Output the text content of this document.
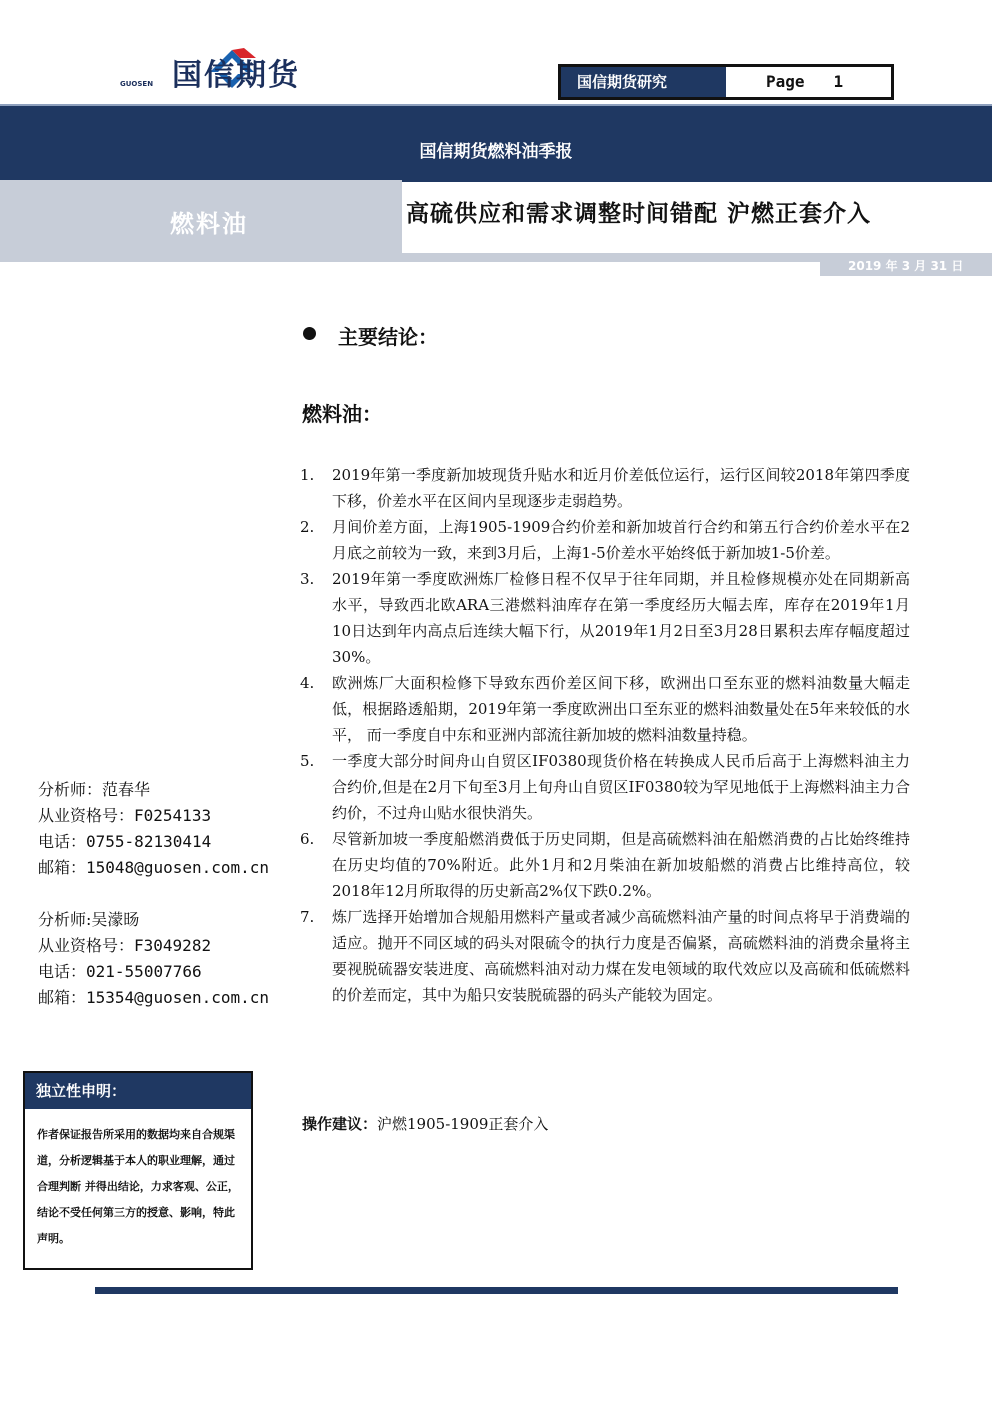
国信期货
GUOSEN	国信期货研究	Page 1
国信期货燃料油季报
燃料油	高硫供应和需求调整时间错配 沪燃正套介入
2019 年 3 月 31 日
主要结论：
燃料油：
1.	2019年第一季度新加坡现货升贴水和近月价差低位运行，运行区间较2018年第四季度下移，价差水平在区间内呈现逐步走弱趋势。
2.	月间价差方面，上海1905-1909合约价差和新加坡首行合约和第五行合约价差水平在2月底之前较为一致，来到3月后，上海1-5价差水平始终低于新加坡1-5价差。
3.	2019年第一季度欧洲炼厂检修日程不仅早于往年同期，并且检修规模亦处在同期新高水平，导致西北欧ARA三港燃料油库存在第一季度经历大幅去库，库存在2019年1月10日达到年内高点后连续大幅下行，从2019年1月2日至3月28日累积去库存幅度超过30%。
4.	欧洲炼厂大面积检修下导致东西价差区间下移，欧洲出口至东亚的燃料油数量大幅走低，根据路透船期，2019年第一季度欧洲出口至东亚的燃料油数量处在5年来较低的水平， 而一季度自中东和亚洲内部流往新加坡的燃料油数量持稳。
5.	一季度大部分时间舟山自贸区IF0380现货价格在转换成人民币后高于上海燃料油主力合约价,但是在2月下旬至3月上旬舟山自贸区IF0380较为罕见地低于上海燃料油主力合约价，不过舟山贴水很快消失。
6.	尽管新加坡一季度船燃消费低于历史同期，但是高硫燃料油在船燃消费的占比始终维持在历史均值的70%附近。此外1月和2月柴油在新加坡船燃的消费占比维持高位，较2018年12月所取得的历史新高2%仅下跌0.2%。
7.	炼厂选择开始增加合规船用燃料产量或者减少高硫燃料油产量的时间点将早于消费端的适应。抛开不同区域的码头对限硫令的执行力度是否偏紧，高硫燃料油的消费余量将主要视脱硫器安装进度、高硫燃料油对动力煤在发电领域的取代效应以及高硫和低硫燃料的价差而定，其中为船只安装脱硫器的码头产能较为固定。
操作建议：沪燃1905-1909正套介入
分析师：范春华
从业资格号：F0254133
电话：0755-82130414
邮箱：15048@guosen.com.cn
分析师:吴濛旸
从业资格号：F3049282
电话：021-55007766
邮箱：15354@guosen.com.cn
独立性申明：
作者保证报告所采用的数据均来自合规渠道，分析逻辑基于本人的职业理解，通过合理判断 并得出结论，力求客观、公正，结论不受任何第三方的授意、影响，特此声明。
